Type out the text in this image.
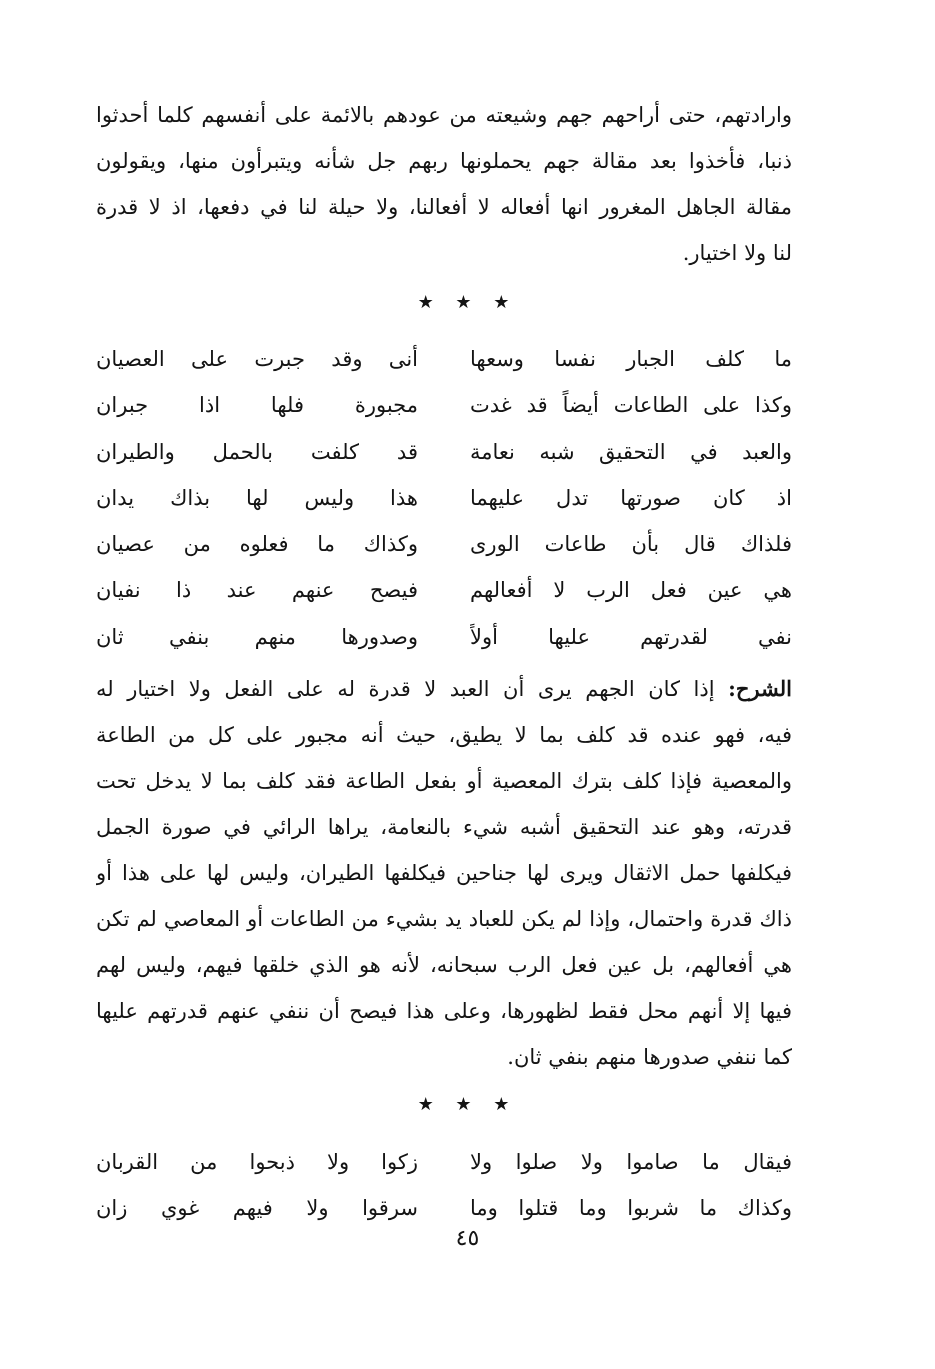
وارادتهم، حتى أراحهم جهم وشيعته من عودهم بالائمة على أنفسهم كلما أحدثوا
ذنبا، فأخذوا بعد مقالة جهم يحملونها ربهم جل شأنه ويتبرأون منها، ويقولون
مقالة الجاهل المغرور انها أفعاله لا أفعالنا، ولا حيلة لنا في دفعها، اذ لا قدرة
لنا ولا اختيار.
★ ★ ★
ما كلف الجبار نفسا وسعها
أنى وقد جبرت على العصيان
وكذا على الطاعات أيضاً قد غدت
مجبورة فلها اذا جبران
والعبد في التحقيق شبه نعامة
قد كلفت بالحمل والطيران
اذ كان صورتها تدل عليهما
هذا وليس لها بذاك يدان
فلذاك قال بأن طاعات الورى
وكذاك ما فعلوه من عصيان
هي عين فعل الرب لا أفعالهم
فيصح عنهم عند ذا نفيان
نفي لقدرتهم عليها أولاً
وصدورها منهم بنفي ثان
الشرح: إذا كان الجهم يرى أن العبد لا قدرة له على الفعل ولا اختيار له
فيه، فهو عنده قد كلف بما لا يطيق، حيث أنه مجبور على كل من الطاعة
والمعصية فإذا كلف بترك المعصية أو بفعل الطاعة فقد كلف بما لا يدخل تحت
قدرته، وهو عند التحقيق أشبه شيء بالنعامة، يراها الرائي في صورة الجمل
فيكلفها حمل الاثقال ويرى لها جناحين فيكلفها الطيران، وليس لها على هذا أو
ذاك قدرة واحتمال، وإذا لم يكن للعباد يد بشيء من الطاعات أو المعاصي لم تكن
هي أفعالهم، بل عين فعل الرب سبحانه، لأنه هو الذي خلقها فيهم، وليس لهم
فيها إلا أنهم محل فقط لظهورها، وعلى هذا فيصح أن ننفي عنهم قدرتهم عليها
كما ننفي صدورها منهم بنفي ثان.
★ ★ ★
فيقال ما صاموا ولا صلوا ولا
زكوا ولا ذبحوا من القربان
وكذاك ما شربوا وما قتلوا وما
سرقوا ولا فيهم غوي زان
٤٥
